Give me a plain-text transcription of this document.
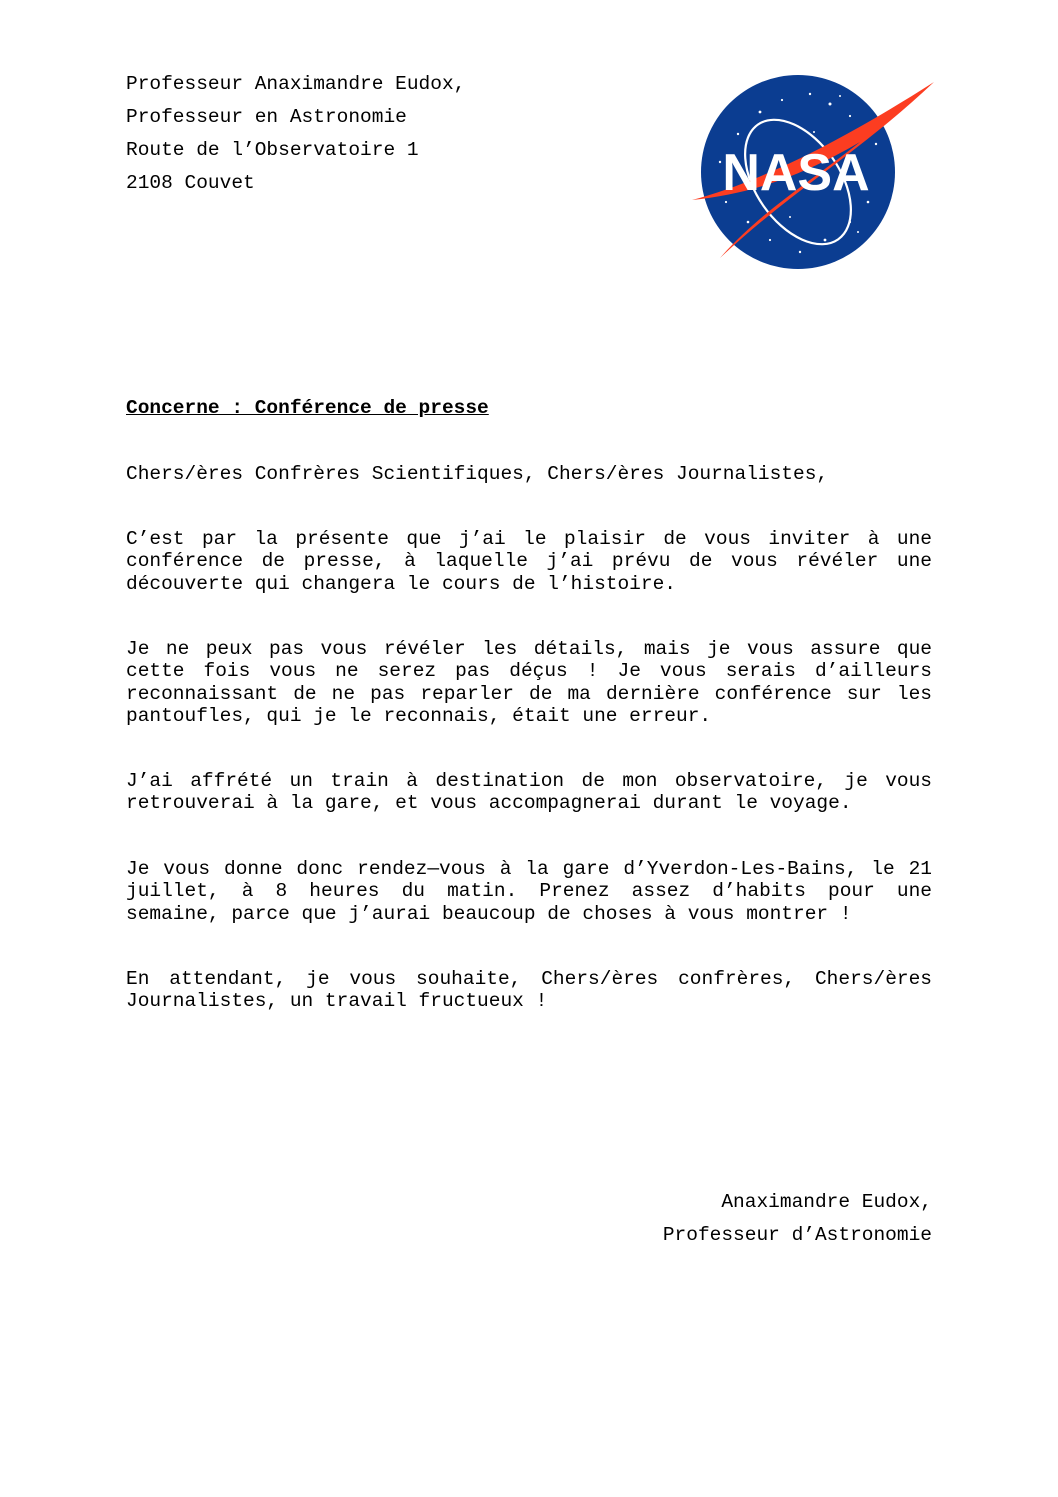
Professeur Anaximandre Eudox,
Professeur en Astronomie
Route de l’Observatoire 1
2108 Couvet	NASA
Concerne : Conférence de presse
Chers/ères Confrères Scientifiques, Chers/ères Journalistes,
C’est par la présente que j’ai le plaisir de vous inviter à une conférence de presse, à laquelle j’ai prévu de vous révéler une découverte qui changera le cours de l’histoire.
Je ne peux pas vous révéler les détails, mais je vous assure que cette fois vous ne serez pas déçus ! Je vous serais d’ailleurs reconnaissant de ne pas reparler de ma dernière conférence sur les pantoufles, qui je le reconnais, était une erreur.
J’ai affrété un train à destination de mon observatoire, je vous retrouverai à la gare, et vous accompagnerai durant le voyage.
Je vous donne donc rendez—vous à la gare d’Yverdon-Les-Bains, le 21 juillet, à 8 heures du matin. Prenez assez d’habits pour une semaine, parce que j’aurai beaucoup de choses à vous montrer !
En attendant, je vous souhaite, Chers/ères confrères, Chers/ères Journalistes, un travail fructueux !
Anaximandre Eudox,
Professeur d’Astronomie
